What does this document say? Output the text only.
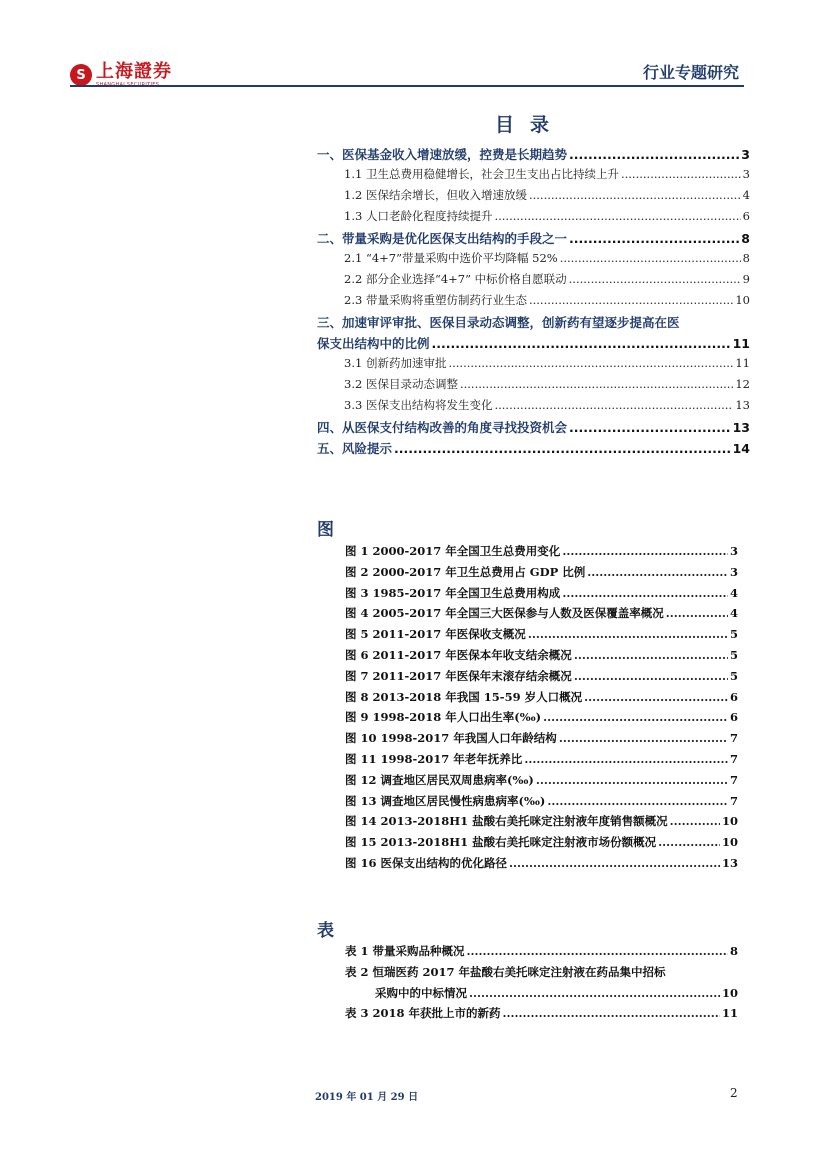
S 上海證券	行业专题研究
目录
一、医保基金收入增速放缓，控费是长期趋势 .....	3
1.1 卫生总费用稳健增长，社会卫生支出占比持续上升 .....	3
1.2 医保结余增长，但收入增速放缓 .....	4
1.3 人口老龄化程度持续提升 .....	6
二、带量采购是优化医保支出结构的手段之一 .....	8
2.1 “4+7”带量采购中选价平均降幅 52% .....	8
2.2 部分企业选择“4+7” 中标价格自愿联动 .....	9
2.3 带量采购将重塑仿制药行业生态 .....	10
三、加速审评审批、医保目录动态调整，创新药有望逐步提高在医
保支出结构中的比例 .....	11
3.1 创新药加速审批 .....	11
3.2 医保目录动态调整 .....	12
3.3 医保支出结构将发生变化 .....	13
四、从医保支付结构改善的角度寻找投资机会 .....	13
五、风险提示 .....	14
图
图 1 2000-2017 年全国卫生总费用变化 .....	3
图 2 2000-2017 年卫生总费用占 GDP 比例 .....	3
图 3 1985-2017 年全国卫生总费用构成 .....	4
图 4 2005-2017 年全国三大医保参与人数及医保覆盖率概况 .....	4
图 5 2011-2017 年医保收支概况 .....	5
图 6 2011-2017 年医保本年收支结余概况 .....	5
图 7 2011-2017 年医保年末滚存结余概况 .....	5
图 8 2013-2018 年我国 15-59 岁人口概况 .....	6
图 9 1998-2018 年人口出生率(‰) .....	6
图 10 1998-2017 年我国人口年龄结构 .....	7
图 11 1998-2017 年老年抚养比 .....	7
图 12 调查地区居民双周患病率(‰) .....	7
图 13 调查地区居民慢性病患病率(‰) .....	7
图 14 2013-2018H1 盐酸右美托咪定注射液年度销售额概况 .....	10
图 15 2013-2018H1 盐酸右美托咪定注射液市场份额概况 .....	10
图 16 医保支出结构的优化路径 .....	13
表
表 1 带量采购品种概况 .....	8
表 2 恒瑞医药 2017 年盐酸右美托咪定注射液在药品集中招标
采购中的中标情况 .....	10
表 3 2018 年获批上市的新药 .....	11
2019 年 01 月 29 日	2
